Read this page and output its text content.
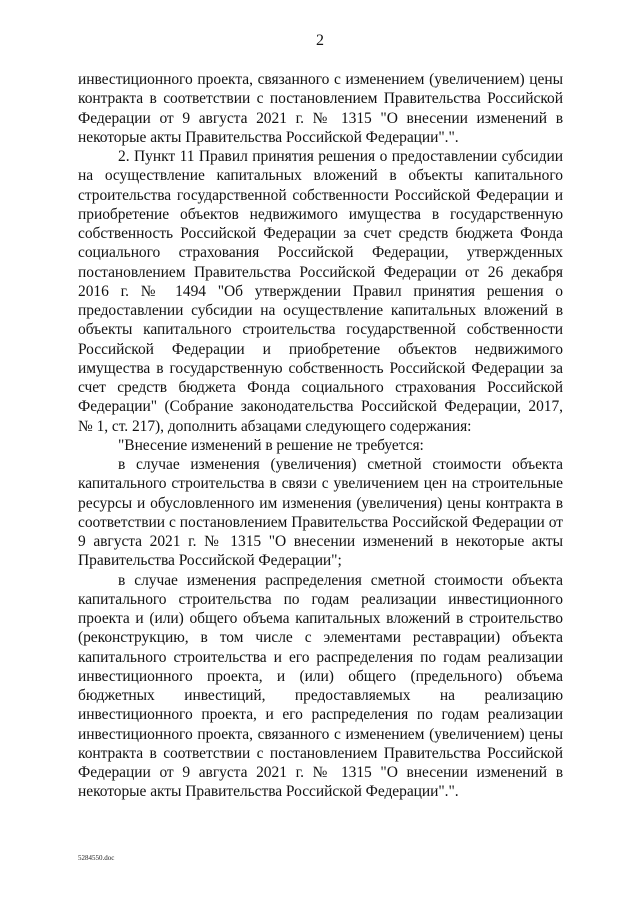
2

инвестиционного проекта, связанного с изменением (увеличением) цены контракта в соответствии с постановлением Правительства Российской Федерации от 9 августа 2021 г. № 1315 "О внесении изменений в некоторые акты Правительства Российской Федерации".".

2. Пункт 11 Правил принятия решения о предоставлении субсидии на осуществление капитальных вложений в объекты капитального строительства государственной собственности Российской Федерации и приобретение объектов недвижимого имущества в государственную собственность Российской Федерации за счет средств бюджета Фонда социального страхования Российской Федерации, утвержденных постановлением Правительства Российской Федерации от 26 декабря 2016 г. № 1494 "Об утверждении Правил принятия решения о предоставлении субсидии на осуществление капитальных вложений в объекты капитального строительства государственной собственности Российской Федерации и приобретение объектов недвижимого имущества в государственную собственность Российской Федерации за счет средств бюджета Фонда социального страхования Российской Федерации" (Собрание законодательства Российской Федерации, 2017, № 1, ст. 217), дополнить абзацами следующего содержания:

"Внесение изменений в решение не требуется:

в случае изменения (увеличения) сметной стоимости объекта капитального строительства в связи с увеличением цен на строительные ресурсы и обусловленного им изменения (увеличения) цены контракта в соответствии с постановлением Правительства Российской Федерации от 9 августа 2021 г. № 1315 "О внесении изменений в некоторые акты Правительства Российской Федерации";

в случае изменения распределения сметной стоимости объекта капитального строительства по годам реализации инвестиционного проекта и (или) общего объема капитальных вложений в строительство (реконструкцию, в том числе с элементами реставрации) объекта капитального строительства и его распределения по годам реализации инвестиционного проекта, и (или) общего (предельного) объема бюджетных инвестиций, предоставляемых на реализацию инвестиционного проекта, и его распределения по годам реализации инвестиционного проекта, связанного с изменением (увеличением) цены контракта в соответствии с постановлением Правительства Российской Федерации от 9 августа 2021 г. № 1315 "О внесении изменений в некоторые акты Правительства Российской Федерации".".

5284550.doc
